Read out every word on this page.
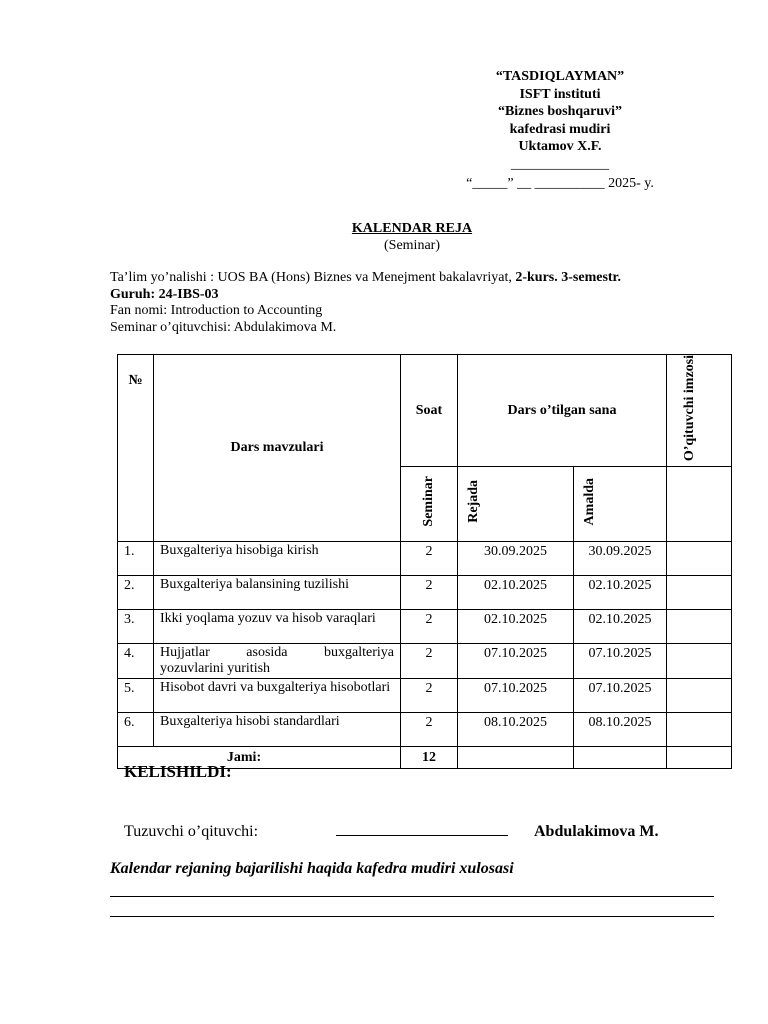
“TASDIQLAYMAN”
ISFT instituti
“Biznes boshqaruvi”
kafedrasi mudiri
Uktamov X.F.
______________
“_____” __ __________ 2025- y.
KALENDAR REJA
(Seminar)
Ta’lim yo’nalishi : UOS BA (Hons) Biznes va Menejment bakalavriyat, 2-kurs. 3-semestr.
Guruh: 24-IBS-03
Fan nomi: Introduction to Accounting
Seminar o’qituvchisi: Abdulakimova M.
№	Dars mavzulari	Soat	Dars o’tilgan sana		O’qituvchi imzosi
		Seminar	Rejada	Amalda	
1.	Buxgalteriya hisobiga kirish	2	30.09.2025	30.09.2025	
2.	Buxgalteriya balansining tuzilishi	2	02.10.2025	02.10.2025	
3.	Ikki yoqlama yozuv va hisob varaqlari	2	02.10.2025	02.10.2025	
4.	Hujjatlar asosida buxgalteriya yozuvlarini yuritish	2	07.10.2025	07.10.2025	
5.	Hisobot davri va buxgalteriya hisobotlari	2	07.10.2025	07.10.2025	
6.	Buxgalteriya hisobi standardlari	2	08.10.2025	08.10.2025	
Jami:		12			
KELISHILDI:
Tuzuvchi o’qituvchi:	Abdulakimova M.
Kalendar rejaning bajarilishi haqida kafedra mudiri xulosasi
